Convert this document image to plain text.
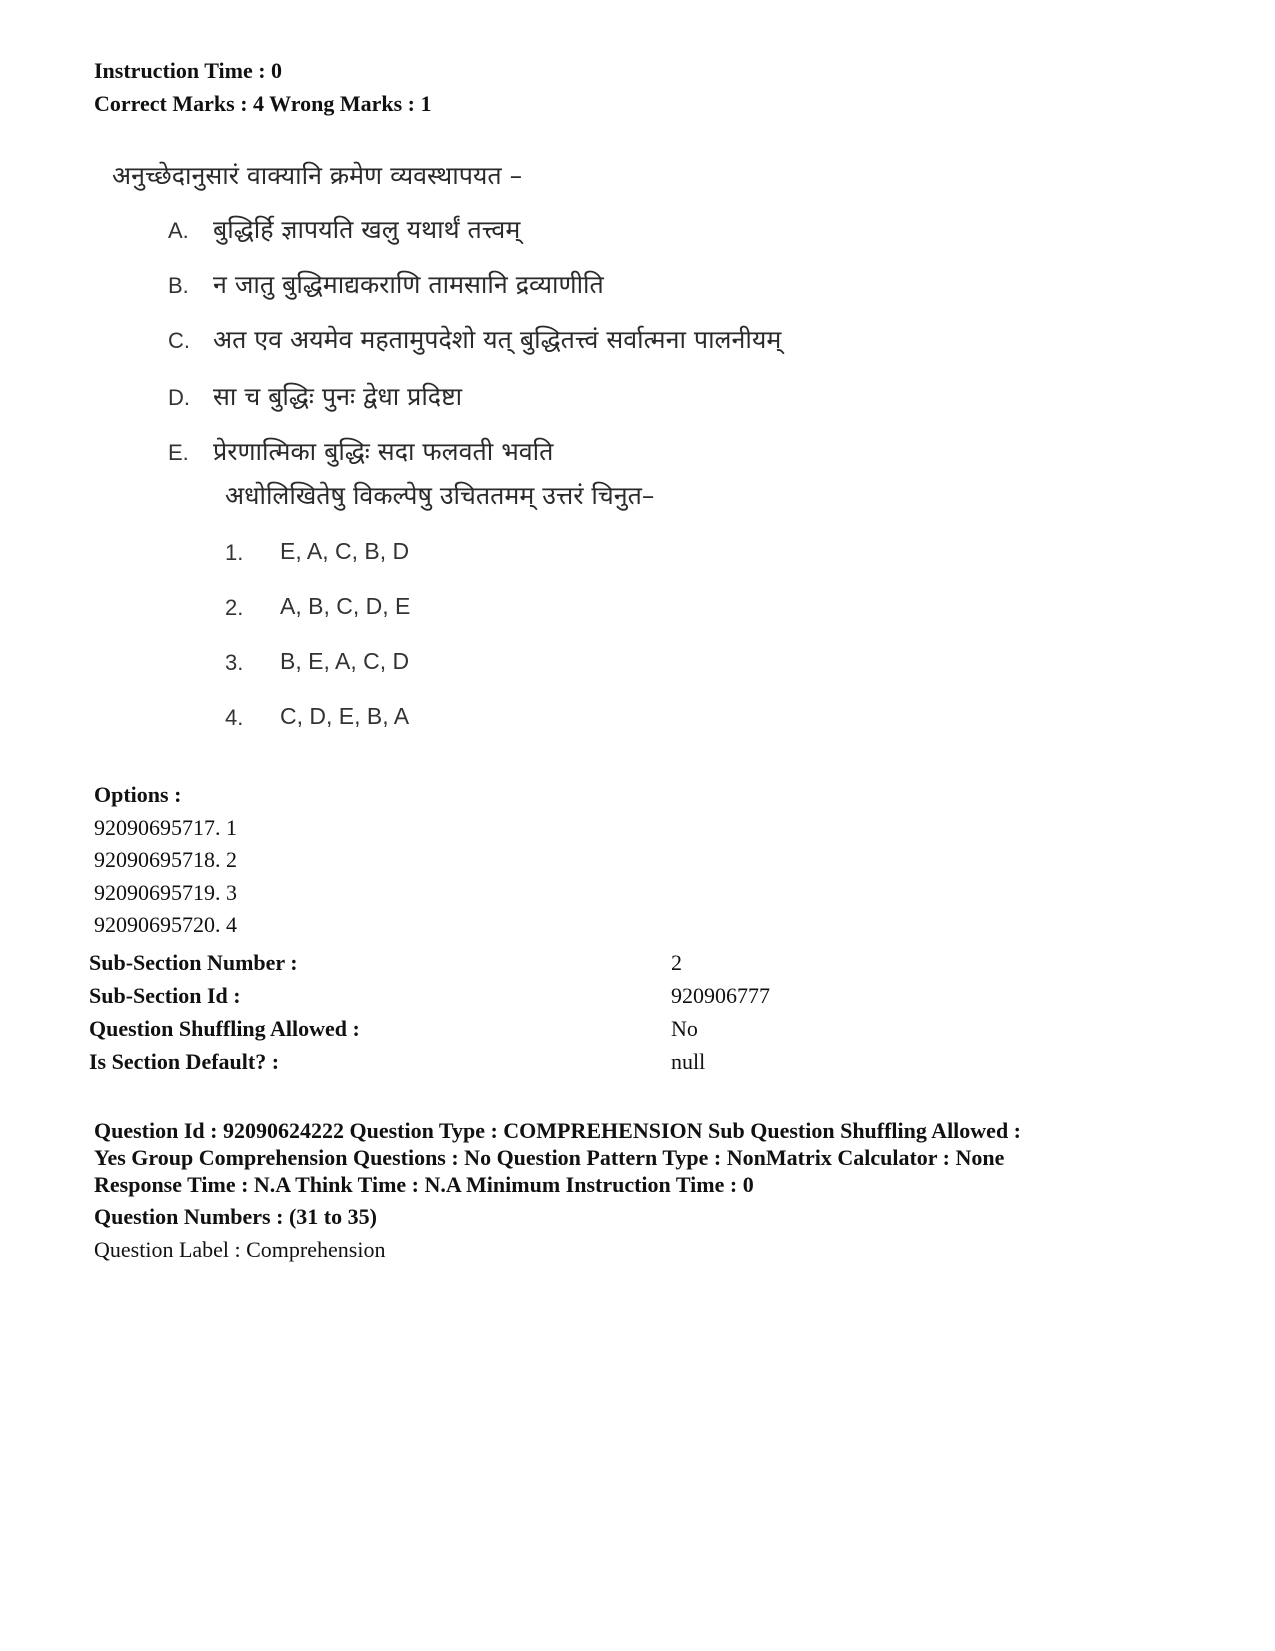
Instruction Time : 0
Correct Marks : 4 Wrong Marks : 1
अनुच्छेदानुसारं वाक्यानि क्रमेण व्यवस्थापयत –
A. बुद्धिर्हि ज्ञापयति खलु यथार्थं तत्त्वम्
B. न जातु बुद्धिमाद्यकराणि तामसानि द्रव्याणीति
C. अत एव अयमेव महतामुपदेशो यत् बुद्धितत्त्वं सर्वात्मना पालनीयम्
D. सा च बुद्धिः पुनः द्वेधा प्रदिष्टा
E. प्रेरणात्मिका बुद्धिः सदा फलवती भवति
अधोलिखितेषु विकल्पेषु उचिततमम् उत्तरं चिनुत–
1. E, A, C, B, D
2. A, B, C, D, E
3. B, E, A, C, D
4. C, D, E, B, A
Options :
92090695717. 1
92090695718. 2
92090695719. 3
92090695720. 4
Sub-Section Number :	2
Sub-Section Id :	920906777
Question Shuffling Allowed :	No
Is Section Default? :	null
Question Id : 92090624222 Question Type : COMPREHENSION Sub Question Shuffling Allowed :
Yes Group Comprehension Questions : No Question Pattern Type : NonMatrix Calculator : None
Response Time : N.A Think Time : N.A Minimum Instruction Time : 0
Question Numbers : (31 to 35)
Question Label : Comprehension
